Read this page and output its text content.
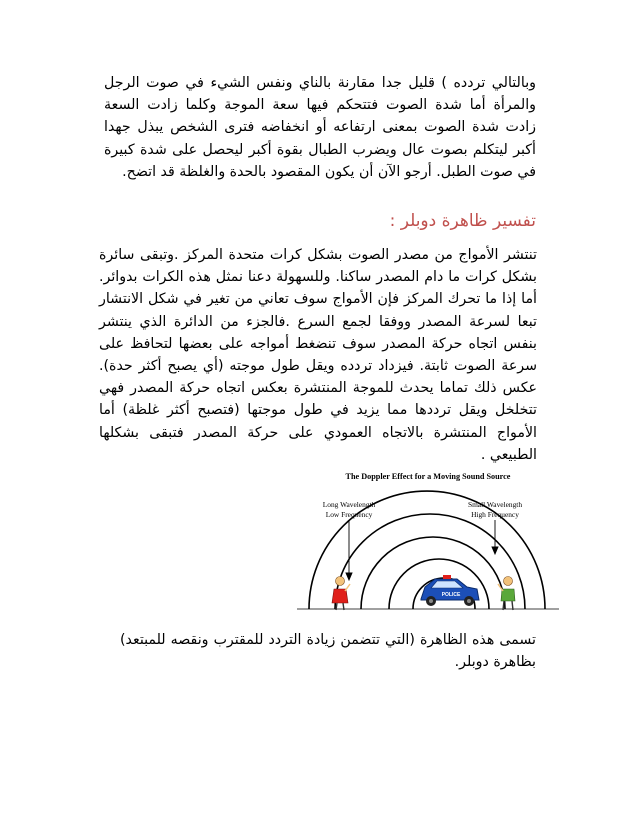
وبالتالي تردده ) قليل جدا مقارنة بالناي ونفس الشيء في صوت الرجل والمرأة أما شدة الصوت فتتحكم فيها سعة الموجة وكلما زادت السعة زادت شدة الصوت بمعنى ارتفاعه أو انخفاضه فترى الشخص يبذل جهدا أكبر ليتكلم بصوت عال ويضرب الطبال بقوة أكبر ليحصل على شدة كبيرة في صوت الطبل. أرجو الآن أن يكون المقصود بالحدة والغلظة قد اتضح.

تفسير ظاهرة دوبلر :

تنتشر الأمواج من مصدر الصوت بشكل كرات متحدة المركز .وتبقى سائرة بشكل كرات ما دام المصدر ساكنا. وللسهولة دعنا نمثل هذه الكرات بدوائر. أما إذا ما تحرك المركز فإن الأمواج سوف تعاني من تغير في شكل الانتشار تبعا لسرعة المصدر ووفقا لجمع السرع .فالجزء من الدائرة الذي ينتشر بنفس اتجاه حركة المصدر سوف تنضغط أمواجه على بعضها لتحافظ على سرعة الصوت ثابتة. فيزداد تردده ويقل طول موجته (أي يصبح أكثر حدة). عكس ذلك تماما يحدث للموجة المنتشرة بعكس اتجاه حركة المصدر فهي تتخلخل ويقل ترددها مما يزيد في طول موجتها (فتصبح أكثر غلظة) أما الأمواج المنتشرة بالاتجاه العمودي على حركة المصدر فتبقى بشكلها الطبيعي .

The Doppler Effect for a Moving Sound Source
Long Wavelength
Low Frequency
Small Wavelength
High Frequency
POLICE

تسمى هذه الظاهرة (التي تتضمن زيادة التردد للمقترب ونقصه للمبتعد) بظاهرة دوبلر.
